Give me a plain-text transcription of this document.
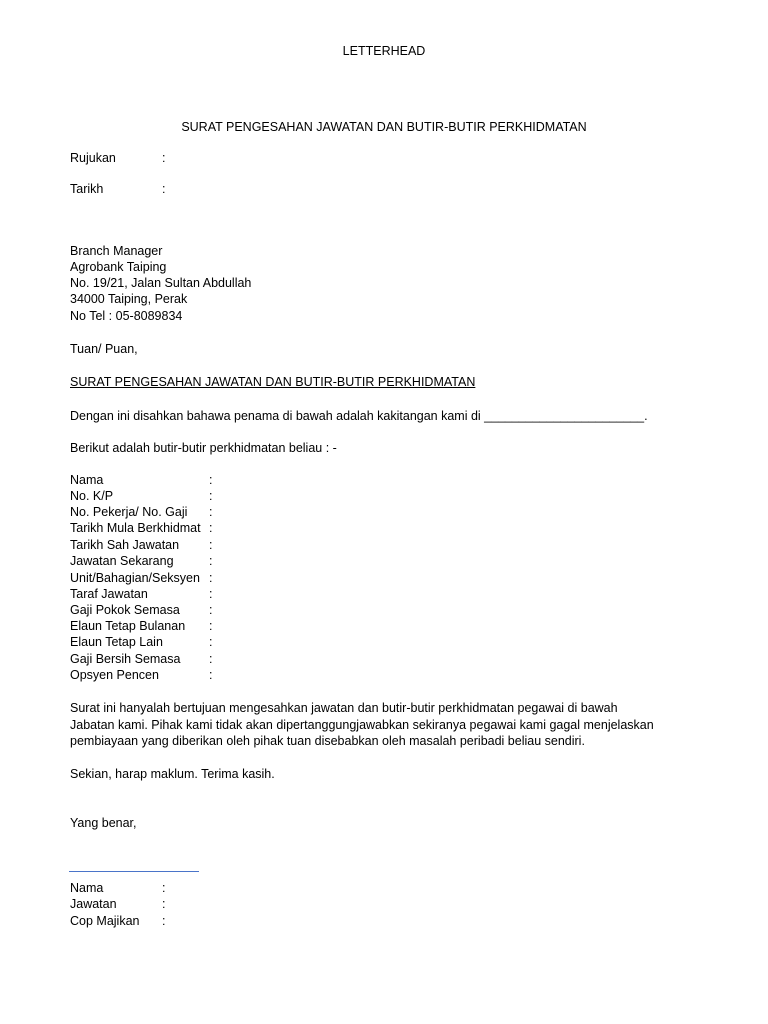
LETTERHEAD
SURAT PENGESAHAN JAWATAN DAN BUTIR-BUTIR PERKHIDMATAN
Rujukan	:
Tarikh	:
Branch Manager
Agrobank Taiping
No. 19/21, Jalan Sultan Abdullah
34000 Taiping, Perak
No Tel : 05-8089834
Tuan/ Puan,
SURAT PENGESAHAN JAWATAN DAN BUTIR-BUTIR PERKHIDMATAN
Dengan ini disahkan bahawa penama di bawah adalah kakitangan kami di _______________________.
Berikut adalah butir-butir perkhidmatan beliau : -
Nama	:
No. K/P	:
No. Pekerja/ No. Gaji :
Tarikh Mula Berkhidmat :
Tarikh Sah Jawatan :
Jawatan Sekarang	:
Unit/Bahagian/Seksyen :
Taraf Jawatan	:
Gaji Pokok Semasa :
Elaun Tetap Bulanan :
Elaun Tetap Lain	:
Gaji Bersih Semasa :
Opsyen Pencen	:
Surat ini hanyalah bertujuan mengesahkan jawatan dan butir-butir perkhidmatan pegawai di bawah
Jabatan kami. Pihak kami tidak akan dipertanggungjawabkan sekiranya pegawai kami gagal menjelaskan
pembiayaan yang diberikan oleh pihak tuan disebabkan oleh masalah peribadi beliau sendiri.
Sekian, harap maklum. Terima kasih.
Yang benar,
Nama	:
Jawatan	:
Cop Majikan :
